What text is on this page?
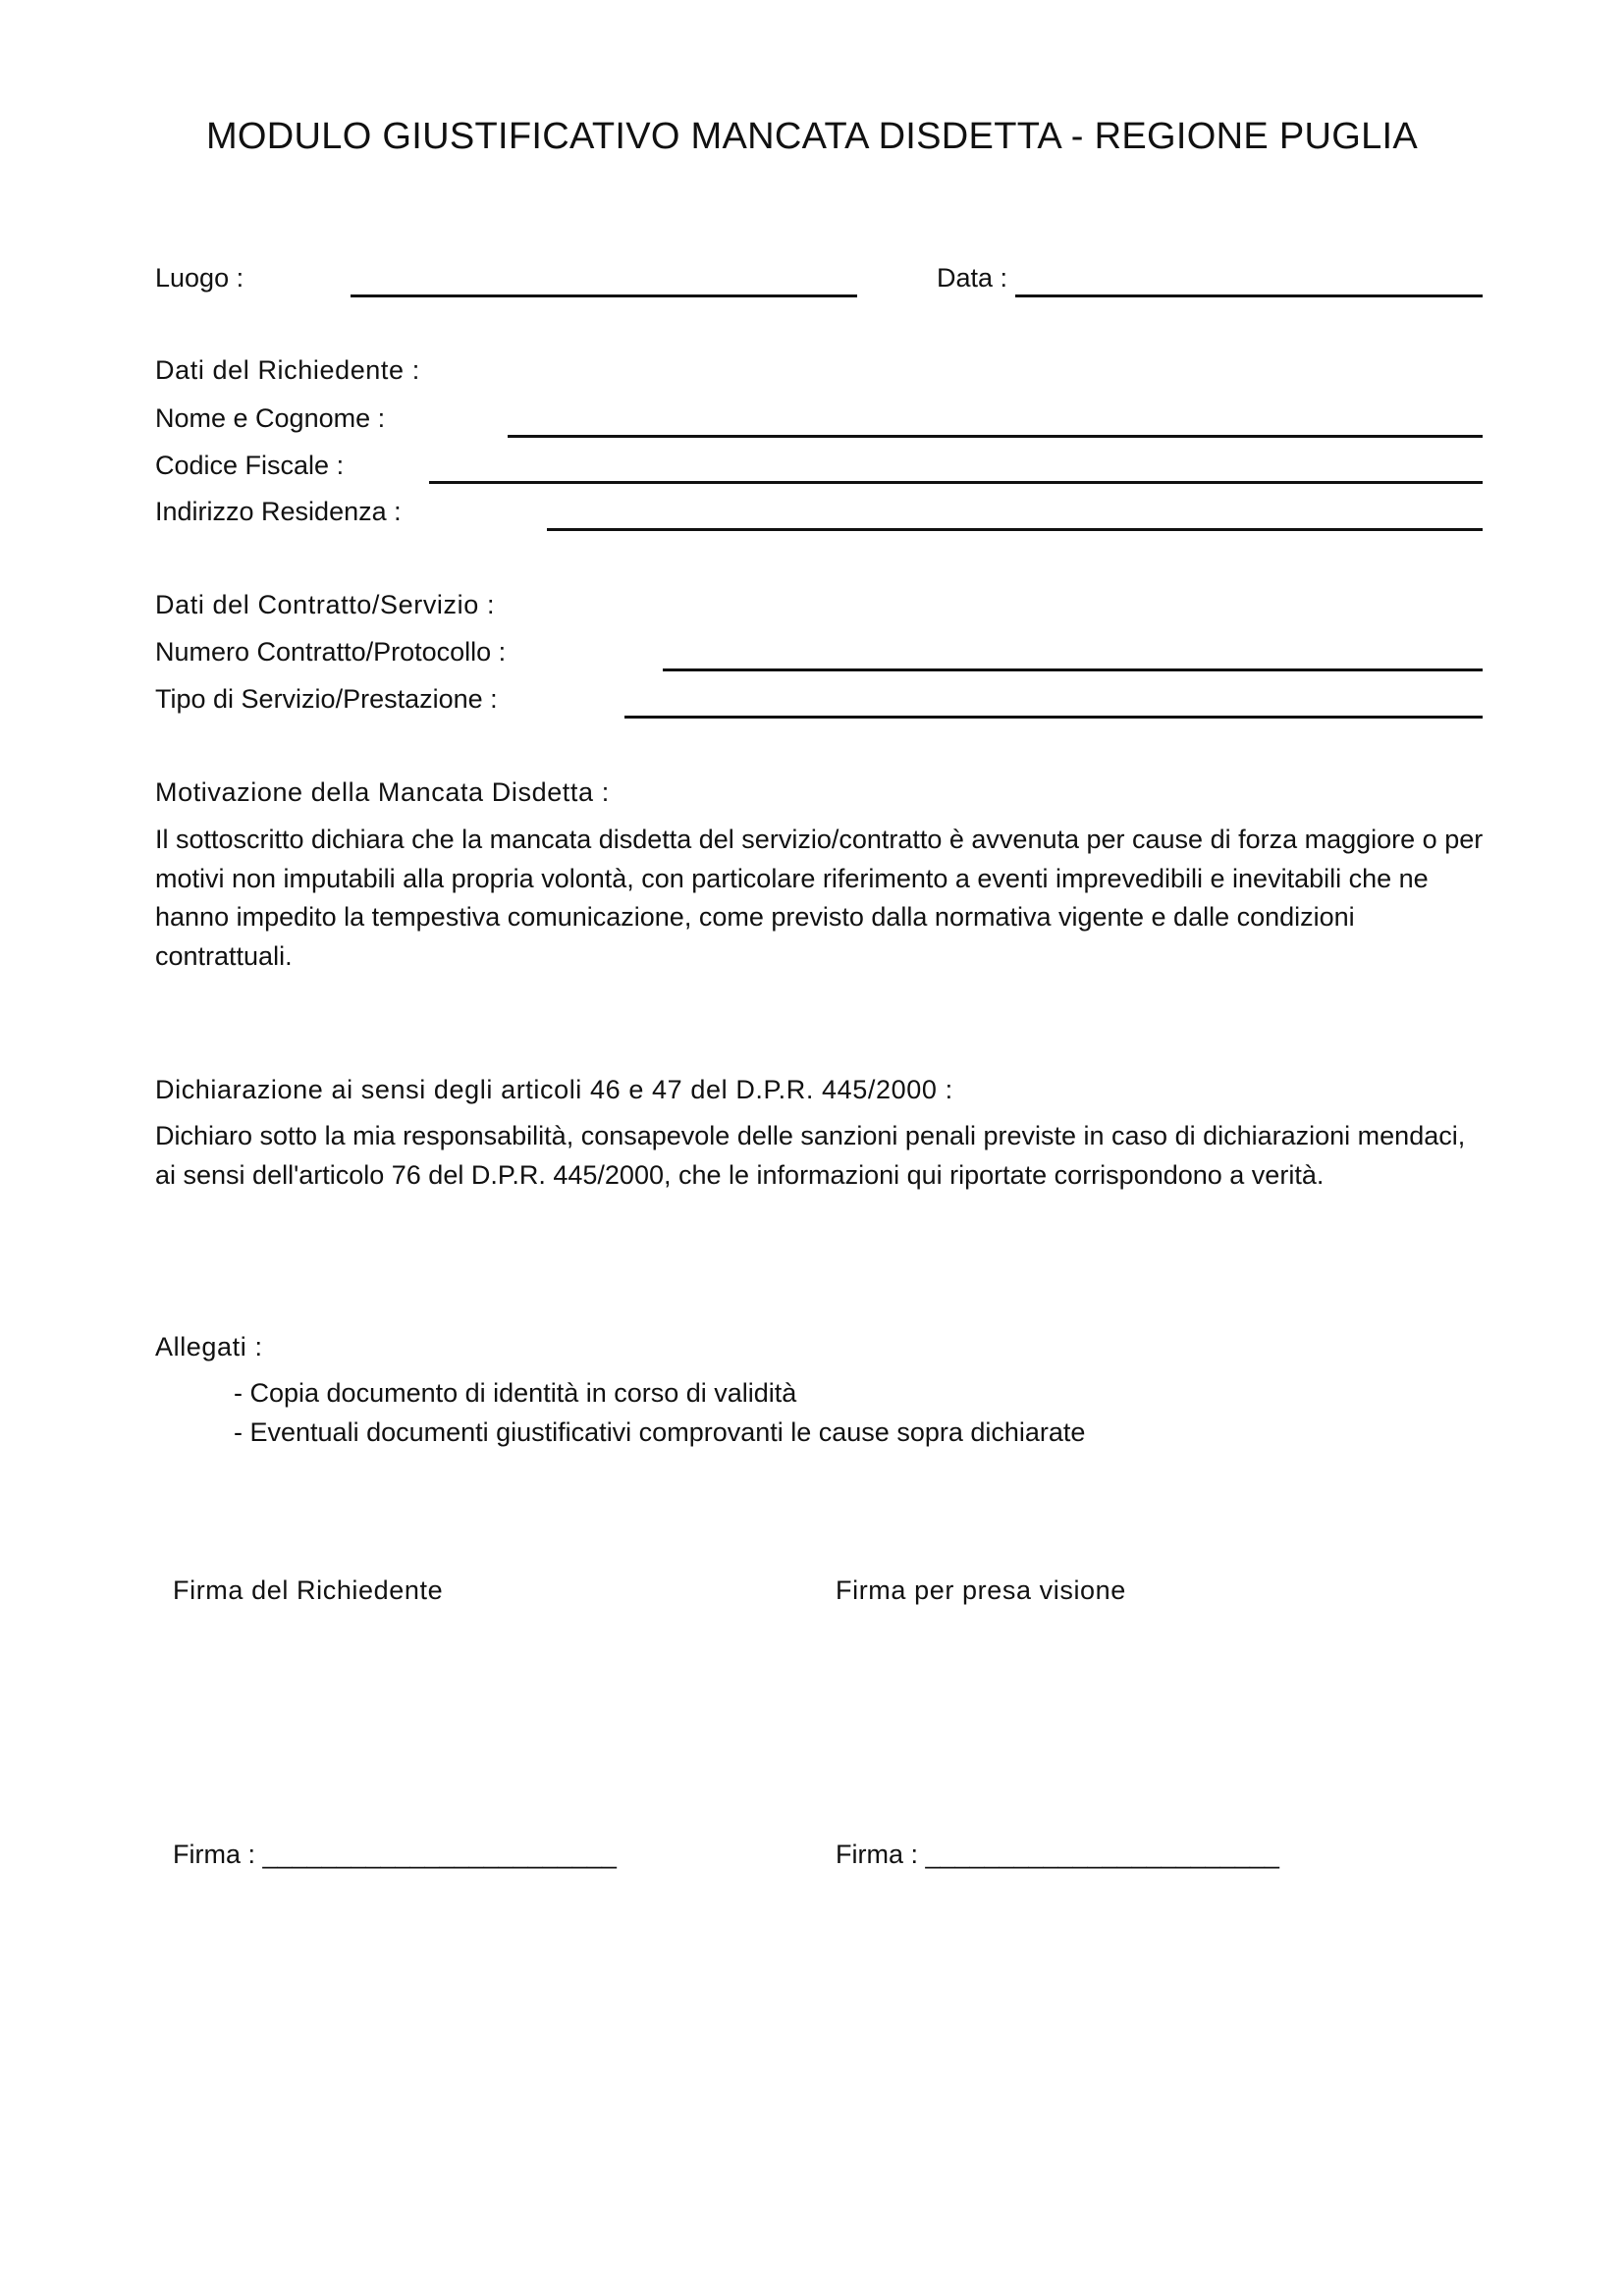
MODULO GIUSTIFICATIVO MANCATA DISDETTA - REGIONE PUGLIA
Luogo :	Data :
Dati del Richiedente :
Nome e Cognome :
Codice Fiscale :
Indirizzo Residenza :
Dati del Contratto/Servizio :
Numero Contratto/Protocollo :
Tipo di Servizio/Prestazione :
Motivazione della Mancata Disdetta :
Il sottoscritto dichiara che la mancata disdetta del servizio/contratto è avvenuta per cause di forza maggiore o per motivi non imputabili alla propria volontà, con particolare riferimento a eventi imprevedibili e inevitabili che ne hanno impedito la tempestiva comunicazione, come previsto dalla normativa vigente e dalle condizioni contrattuali.
Dichiarazione ai sensi degli articoli 46 e 47 del D.P.R. 445/2000 :
Dichiaro sotto la mia responsabilità, consapevole delle sanzioni penali previste in caso di dichiarazioni mendaci, ai sensi dell'articolo 76 del D.P.R. 445/2000, che le informazioni qui riportate corrispondono a verità.
Allegati :
- Copia documento di identità in corso di validità
- Eventuali documenti giustificativi comprovanti le cause sopra dichiarate
Firma del Richiedente	Firma per presa visione
Firma : ________________________	Firma : ________________________
